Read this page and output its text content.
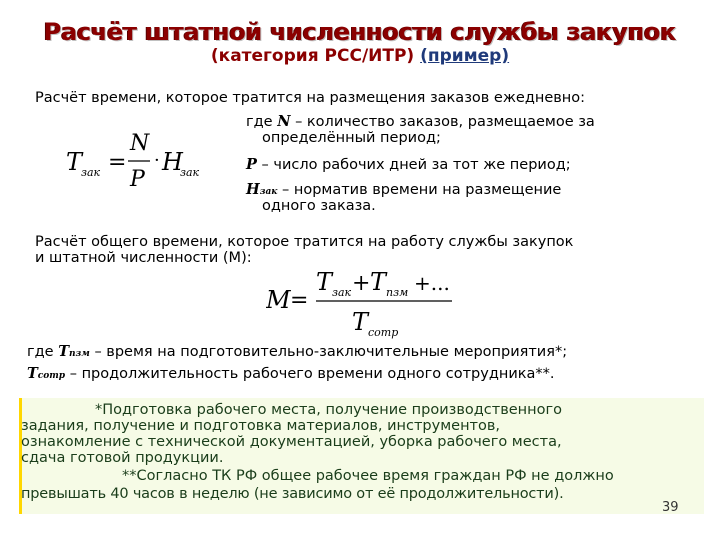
Расчёт штатной численности службы закупок
(категория РСС/ИТР) (пример)
Расчёт времени, которое тратится на размещения заказов ежедневно:
T
зак =
N
P
· H
зак
где N – количество заказов, размещаемое за
определённый период;
P – число рабочих дней за тот же период;
Hзак – норматив времени на размещение
одного заказа.
Расчёт общего времени, которое тратится на работу службы закупок
и штатной численности (М):
M =
T зак + T пзм +...
T сотр
где Tпзм – время на подготовительно-заключительные мероприятия*;
Tcomp – продолжительность рабочего времени одного сотрудника**.
*Подготовка рабочего места, получение производственного
задания, получение и подготовка материалов, инструментов,
ознакомление с технической документацией, уборка рабочего места,
сдача готовой продукции.
**Согласно ТК РФ общее рабочее время граждан РФ не должно
превышать 40 часов в неделю (не зависимо от её продолжительности).
39
